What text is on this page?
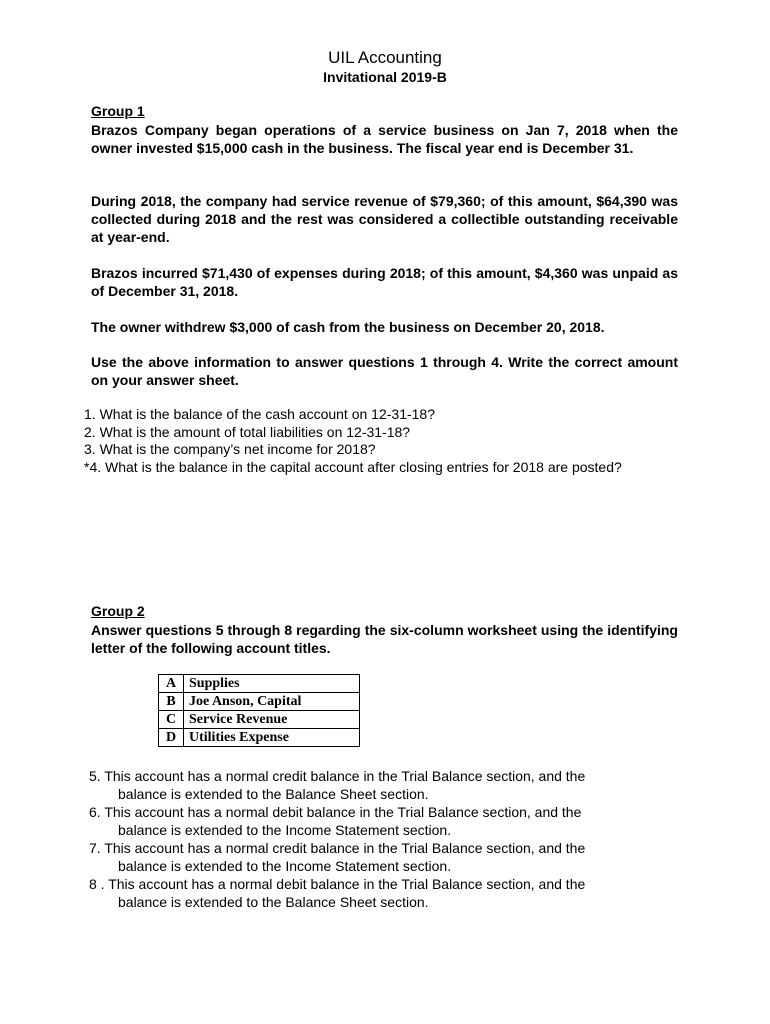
UIL Accounting
Invitational 2019-B
Group 1
Brazos Company began operations of a service business on Jan 7, 2018 when the owner invested $15,000 cash in the business. The fiscal year end is December 31.
During 2018, the company had service revenue of $79,360; of this amount, $64,390 was collected during 2018 and the rest was considered a collectible outstanding receivable at year-end.
Brazos incurred $71,430 of expenses during 2018; of this amount, $4,360 was unpaid as of December 31, 2018.
The owner withdrew $3,000 of cash from the business on December 20, 2018.
Use the above information to answer questions 1 through 4. Write the correct amount on your answer sheet.
1. What is the balance of the cash account on 12-31-18?
2. What is the amount of total liabilities on 12-31-18?
3. What is the company’s net income for 2018?
*4. What is the balance in the capital account after closing entries for 2018 are posted?
Group 2
Answer questions 5 through 8 regarding the six-column worksheet using the identifying letter of the following account titles.
A	Supplies
B	Joe Anson, Capital
C	Service Revenue
D	Utilities Expense
5. This account has a normal credit balance in the Trial Balance section, and the
balance is extended to the Balance Sheet section.
6. This account has a normal debit balance in the Trial Balance section, and the
balance is extended to the Income Statement section.
7. This account has a normal credit balance in the Trial Balance section, and the
balance is extended to the Income Statement section.
8 . This account has a normal debit balance in the Trial Balance section, and the
balance is extended to the Balance Sheet section.
